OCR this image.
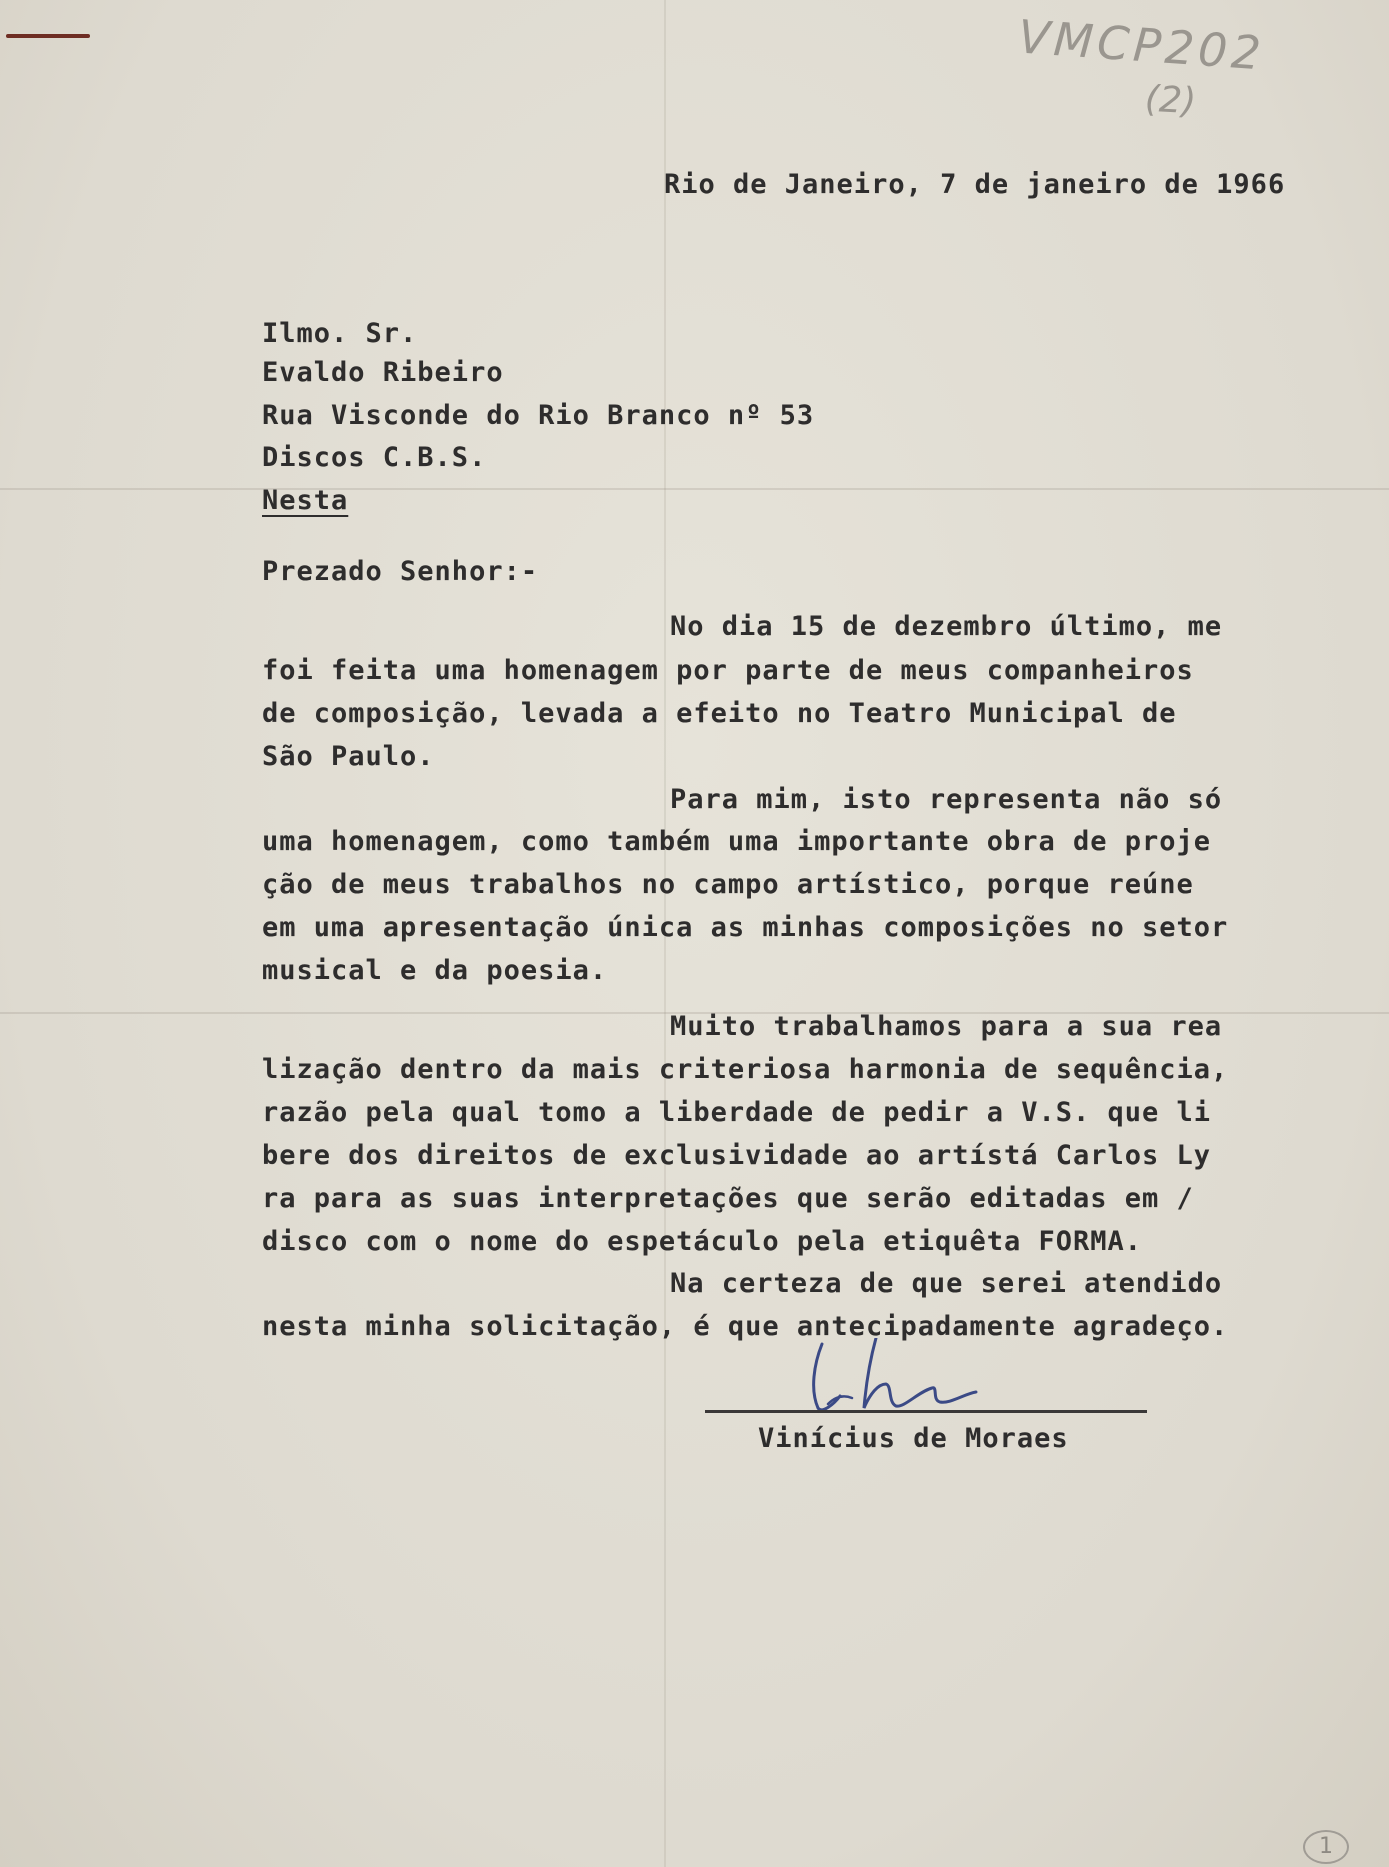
VMCP202
(2)
Rio de Janeiro, 7 de janeiro de 1966
Ilmo. Sr.
Evaldo Ribeiro
Rua Visconde do Rio Branco nº 53
Discos C.B.S.
Nesta
Prezado Senhor:-
No dia 15 de dezembro último, me
foi feita uma homenagem por parte de meus companheiros
de composição, levada a efeito no Teatro Municipal de
São Paulo.
Para mim, isto representa não só
uma homenagem, como também uma importante obra de proje
ção de meus trabalhos no campo artístico, porque reúne
em uma apresentação única as minhas composições no setor
musical e da poesia.
Muito trabalhamos para a sua rea
lização dentro da mais criteriosa harmonia de sequência,
razão pela qual tomo a liberdade de pedir a V.S. que li
bere dos direitos de exclusividade ao artístá Carlos Ly
ra para as suas interpretações que serão editadas em /
disco com o nome do espetáculo pela etiquêta FORMA.
Na certeza de que serei atendido
nesta minha solicitação, é que antecipadamente agradeço.
Vinícius de Moraes
1
